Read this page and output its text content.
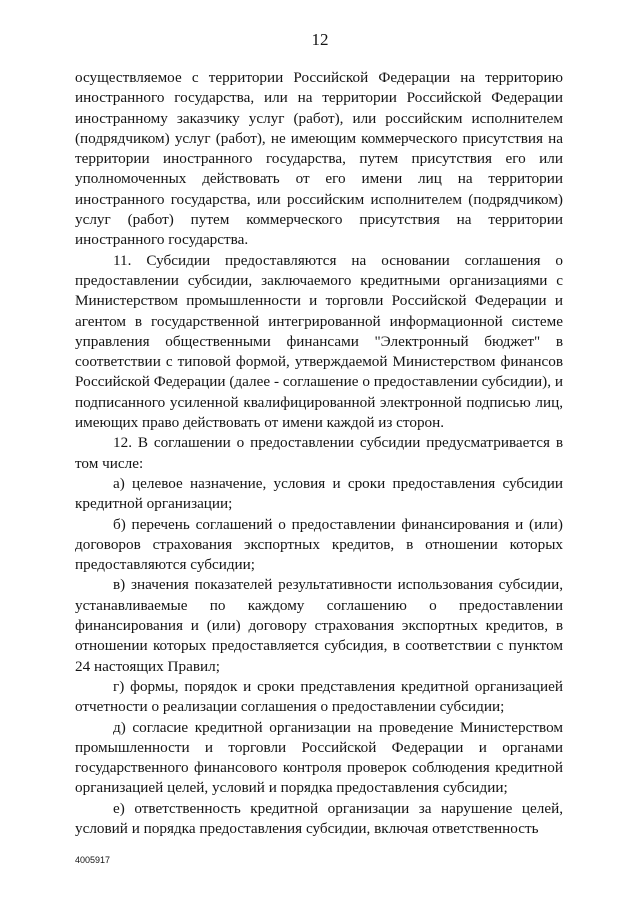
12

осуществляемое с территории Российской Федерации на территорию иностранного государства, или на территории Российской Федерации иностранному заказчику услуг (работ), или российским исполнителем (подрядчиком) услуг (работ), не имеющим коммерческого присутствия на территории иностранного государства, путем присутствия его или уполномоченных действовать от его имени лиц на территории иностранного государства, или российским исполнителем (подрядчиком) услуг (работ) путем коммерческого присутствия на территории иностранного государства.

11. Субсидии предоставляются на основании соглашения о предоставлении субсидии, заключаемого кредитными организациями с Министерством промышленности и торговли Российской Федерации и агентом в государственной интегрированной информационной системе управления общественными финансами "Электронный бюджет" в соответствии с типовой формой, утверждаемой Министерством финансов Российской Федерации (далее - соглашение о предоставлении субсидии), и подписанного усиленной квалифицированной электронной подписью лиц, имеющих право действовать от имени каждой из сторон.

12. В соглашении о предоставлении субсидии предусматривается в том числе:

а) целевое назначение, условия и сроки предоставления субсидии кредитной организации;

б) перечень соглашений о предоставлении финансирования и (или) договоров страхования экспортных кредитов, в отношении которых предоставляются субсидии;

в) значения показателей результативности использования субсидии, устанавливаемые по каждому соглашению о предоставлении финансирования и (или) договору страхования экспортных кредитов, в отношении которых предоставляется субсидия, в соответствии с пунктом 24 настоящих Правил;

г) формы, порядок и сроки представления кредитной организацией отчетности о реализации соглашения о предоставлении субсидии;

д) согласие кредитной организации на проведение Министерством промышленности и торговли Российской Федерации и органами государственного финансового контроля проверок соблюдения кредитной организацией целей, условий и порядка предоставления субсидии;

е) ответственность кредитной организации за нарушение целей, условий и порядка предоставления субсидии, включая ответственность

4005917
